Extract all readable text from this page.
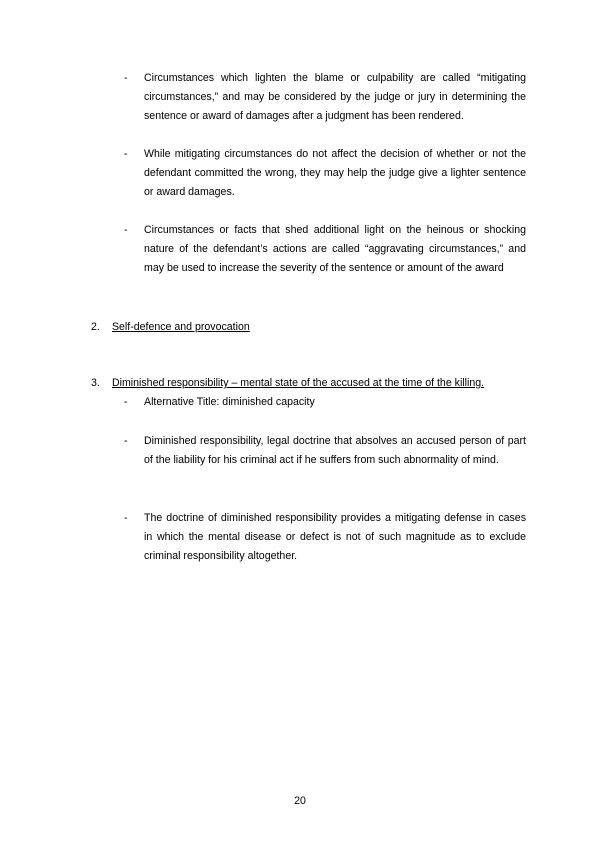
- Circumstances which lighten the blame or culpability are called “mitigating circumstances,” and may be considered by the judge or jury in determining the sentence or award of damages after a judgment has been rendered.
- While mitigating circumstances do not affect the decision of whether or not the defendant committed the wrong, they may help the judge give a lighter sentence or award damages.
- Circumstances or facts that shed additional light on the heinous or shocking nature of the defendant’s actions are called “aggravating circumstances,” and may be used to increase the severity of the sentence or amount of the award
2. Self-defence and provocation
3. Diminished responsibility – mental state of the accused at the time of the killing.
- Alternative Title: diminished capacity
- Diminished responsibility, legal doctrine that absolves an accused person of part of the liability for his criminal act if he suffers from such abnormality of mind.
- The doctrine of diminished responsibility provides a mitigating defense in cases in which the mental disease or defect is not of such magnitude as to exclude criminal responsibility altogether.
20
